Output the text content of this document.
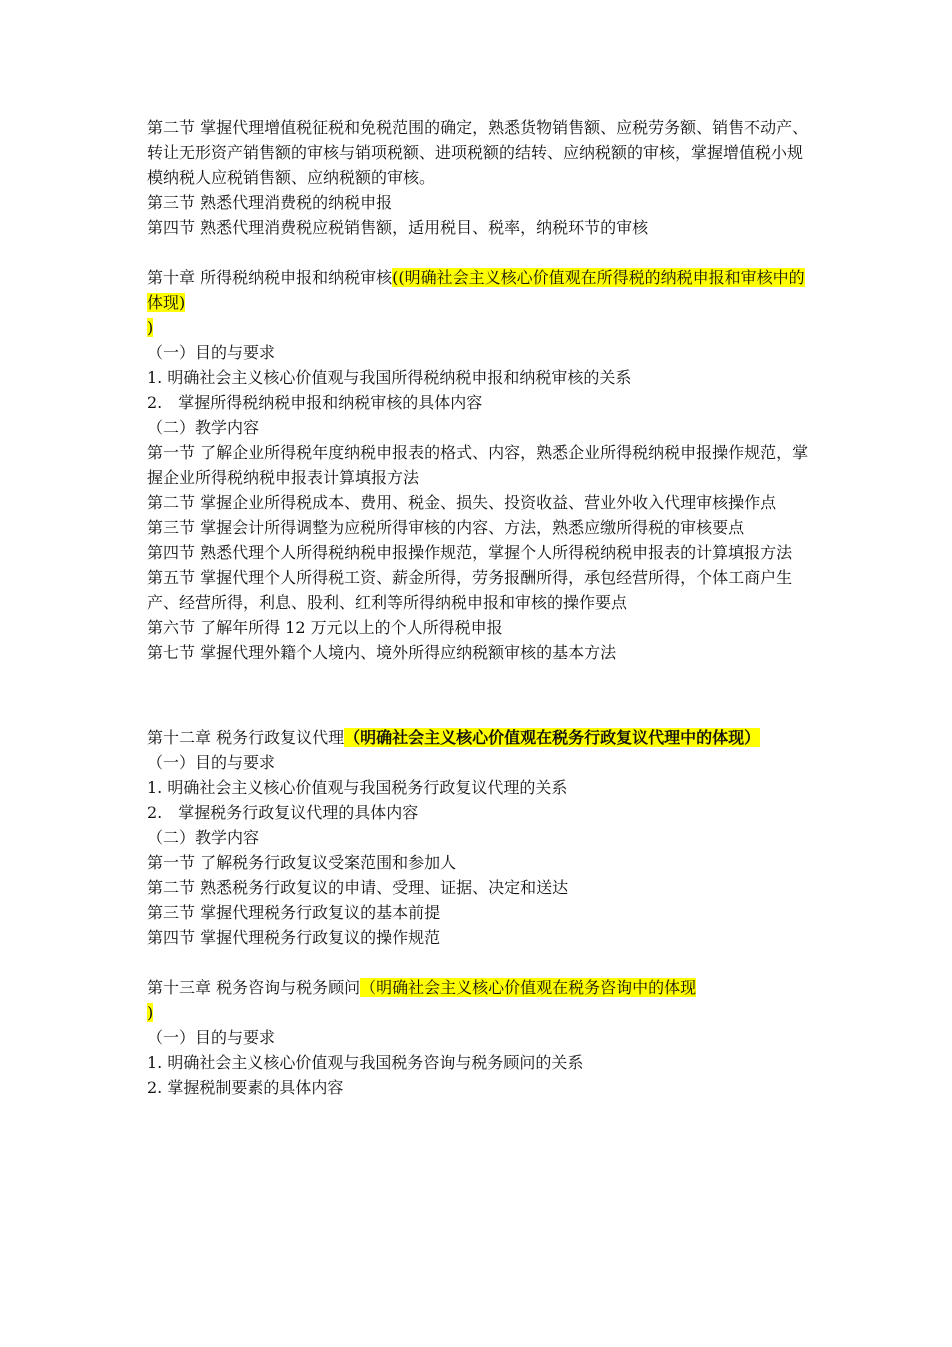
第二节 掌握代理增值税征税和免税范围的确定，熟悉货物销售额、应税劳务额、销售不动产、转让无形资产销售额的审核与销项税额、进项税额的结转、应纳税额的审核，掌握增值税小规模纳税人应税销售额、应纳税额的审核。

第三节 熟悉代理消费税的纳税申报

第四节 熟悉代理消费税应税销售额，适用税目、税率，纳税环节的审核

第十章 所得税纳税申报和纳税审核((明确社会主义核心价值观在所得税的纳税申报和审核中的体现)

)

（一）目的与要求

1. 明确社会主义核心价值观与我国所得税纳税申报和纳税审核的关系

2.　掌握所得税纳税申报和纳税审核的具体内容

（二）教学内容

第一节 了解企业所得税年度纳税申报表的格式、内容，熟悉企业所得税纳税申报操作规范，掌握企业所得税纳税申报表计算填报方法

第二节 掌握企业所得税成本、费用、税金、损失、投资收益、营业外收入代理审核操作点

第三节 掌握会计所得调整为应税所得审核的内容、方法，熟悉应缴所得税的审核要点

第四节 熟悉代理个人所得税纳税申报操作规范，掌握个人所得税纳税申报表的计算填报方法

第五节 掌握代理个人所得税工资、薪金所得，劳务报酬所得，承包经营所得，个体工商户生产、经营所得，利息、股利、红利等所得纳税申报和审核的操作要点

第六节 了解年所得 12 万元以上的个人所得税申报

第七节 掌握代理外籍个人境内、境外所得应纳税额审核的基本方法

第十二章 税务行政复议代理（明确社会主义核心价值观在税务行政复议代理中的体现）

（一）目的与要求

1. 明确社会主义核心价值观与我国税务行政复议代理的关系

2.　掌握税务行政复议代理的具体内容

（二）教学内容

第一节 了解税务行政复议受案范围和参加人

第二节 熟悉税务行政复议的申请、受理、证据、决定和送达

第三节 掌握代理税务行政复议的基本前提

第四节 掌握代理税务行政复议的操作规范

第十三章 税务咨询与税务顾问（明确社会主义核心价值观在税务咨询中的体现

)

（一）目的与要求

1. 明确社会主义核心价值观与我国税务咨询与税务顾问的关系

2. 掌握税制要素的具体内容
